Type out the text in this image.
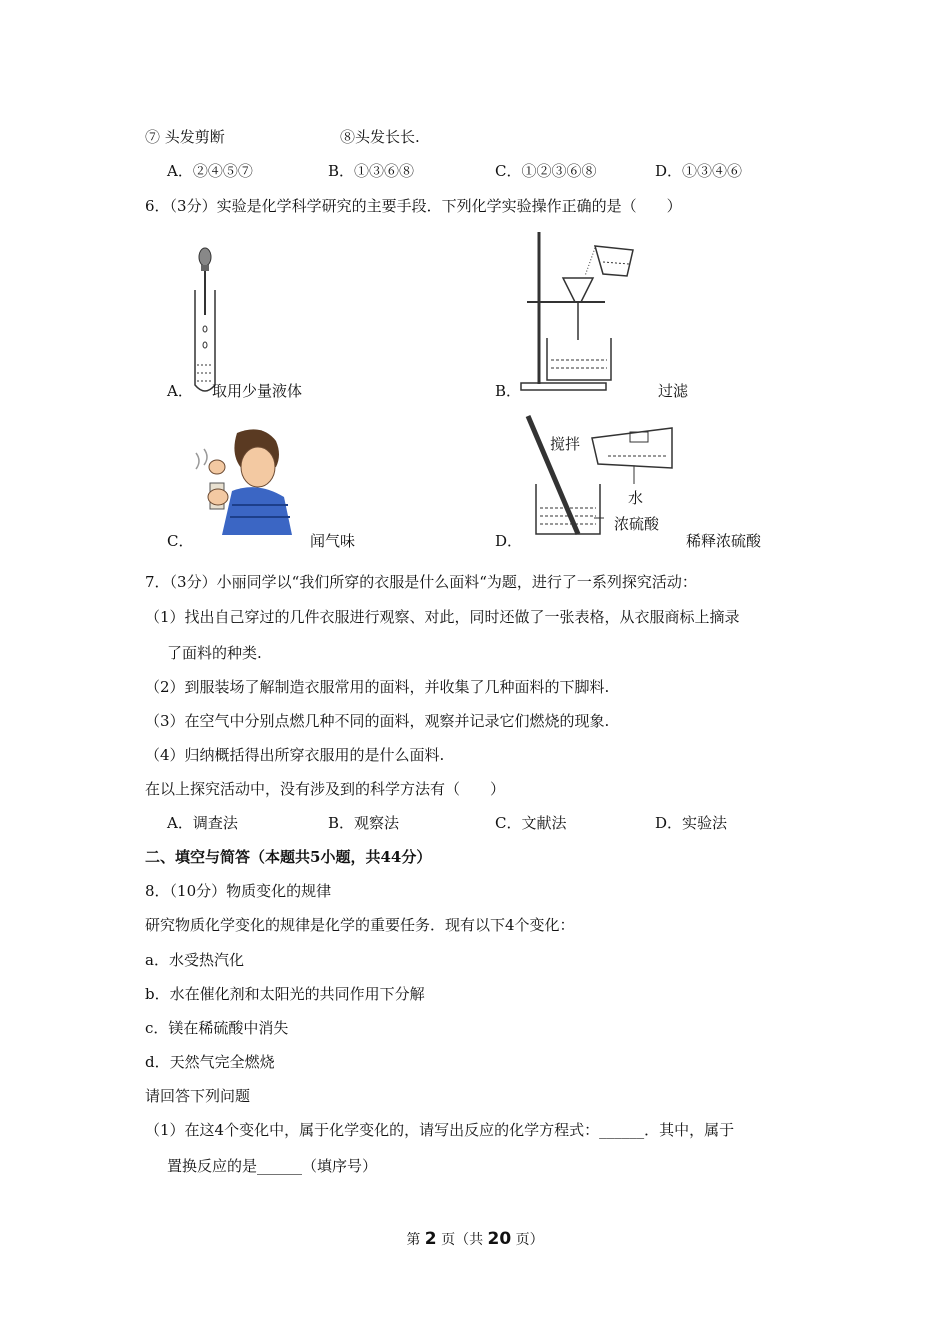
⑦ 头发剪断	⑧头发长长.
A．②④⑤⑦	B．①③⑥⑧	C．①②③⑥⑧	D．①③④⑥
6．（3分）实验是化学科学研究的主要手段．下列化学实验操作正确的是（　　）
A． 取用少量液体	B．	过滤
C．	闻气味
搅拌
水
浓硫酸
D．	稀释浓硫酸
7．（3分）小丽同学以“我们所穿的衣服是什么面料“为题，进行了一系列探究活动：
（1）找出自己穿过的几件衣服进行观察、对此，同时还做了一张表格，从衣服商标上摘录
了面料的种类.
（2）到服装场了解制造衣服常用的面料，并收集了几种面料的下脚料.
（3）在空气中分别点燃几种不同的面料，观察并记录它们燃烧的现象.
（4）归纳概括得出所穿衣服用的是什么面料.
在以上探究活动中，没有涉及到的科学方法有（　　）
A．调查法	B．观察法	C．文献法	D．实验法
二、填空与简答（本题共5小题，共44分）
8．（10分）物质变化的规律
研究物质化学变化的规律是化学的重要任务．现有以下4个变化：
a．水受热汽化
b．水在催化剂和太阳光的共同作用下分解
c．镁在稀硫酸中消失
d．天然气完全燃烧
请回答下列问题
（1）在这4个变化中，属于化学变化的，请写出反应的化学方程式：______．其中，属于
置换反应的是______（填序号）
第 2 页（共 20 页）
